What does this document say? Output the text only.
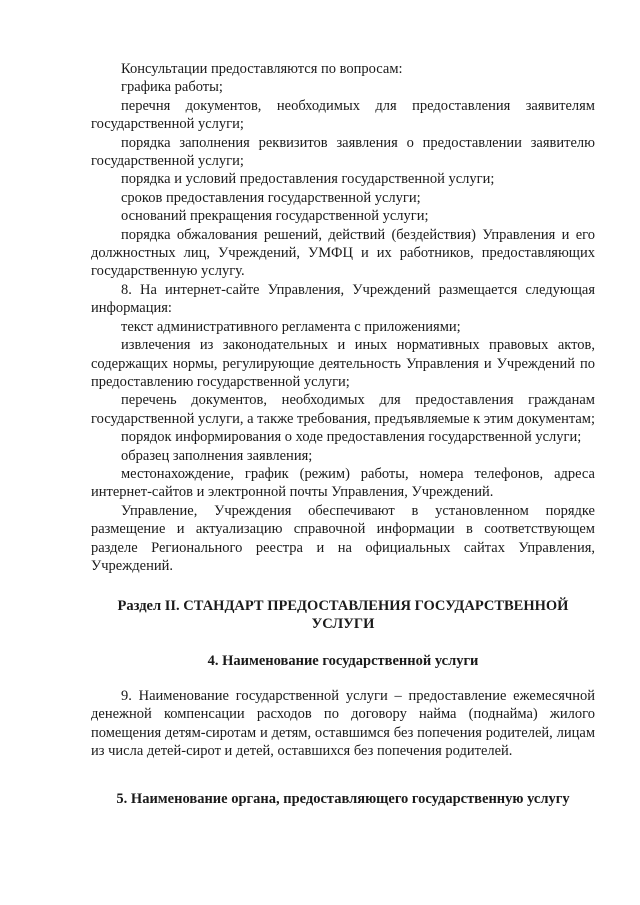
Консультации предоставляются по вопросам:

графика работы;

перечня документов, необходимых для предоставления заявителям государственной услуги;

порядка заполнения реквизитов заявления о предоставлении заявителю государственной услуги;

порядка и условий предоставления государственной услуги;

сроков предоставления государственной услуги;

оснований прекращения государственной услуги;

порядка обжалования решений, действий (бездействия) Управления и его должностных лиц, Учреждений, УМФЦ и их работников, предоставляющих государственную услугу.

8. На интернет-сайте Управления, Учреждений размещается следующая информация:

текст административного регламента с приложениями;

извлечения из законодательных и иных нормативных правовых актов, содержащих нормы, регулирующие деятельность Управления и Учреждений по предоставлению государственной услуги;

перечень документов, необходимых для предоставления гражданам государственной услуги, а также требования, предъявляемые к этим документам;

порядок информирования о ходе предоставления государственной услуги;

образец заполнения заявления;

местонахождение, график (режим) работы, номера телефонов, адреса интернет-сайтов и электронной почты Управления, Учреждений.

Управление, Учреждения обеспечивают в установленном порядке размещение и актуализацию справочной информации в соответствующем разделе Регионального реестра и на официальных сайтах Управления, Учреждений.

Раздел II. СТАНДАРТ ПРЕДОСТАВЛЕНИЯ ГОСУДАРСТВЕННОЙ УСЛУГИ

4. Наименование государственной услуги

9. Наименование государственной услуги – предоставление ежемесячной денежной компенсации расходов по договору найма (поднайма) жилого помещения детям-сиротам и детям, оставшимся без попечения родителей, лицам из числа детей-сирот и детей, оставшихся без попечения родителей.

5. Наименование органа, предоставляющего государственную услугу
